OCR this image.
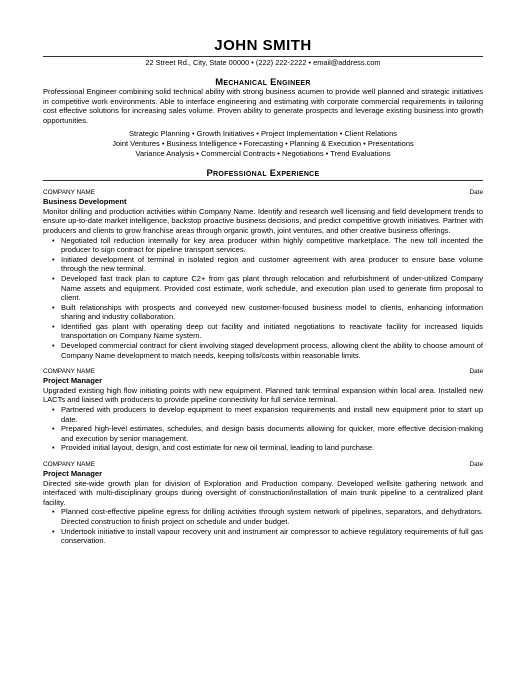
JOHN SMITH
22 Street Rd., City, State 00000 • (222) 222-2222 • email@address.com
Mechanical Engineer

Professional Engineer combining solid technical ability with strong business acumen to provide well planned and strategic initiatives in competitive work environments. Able to interface engineering and estimating with corporate commercial requirements in tailoring cost effective solutions for increasing sales volume. Proven ability to generate prospects and leverage existing business into growth opportunities.

Strategic Planning • Growth Initiatives • Project Implementation • Client Relations
Joint Ventures • Business Intelligence • Forecasting • Planning & Execution • Presentations
Variance Analysis • Commercial Contracts • Negotiations • Trend Evaluations
Professional Experience
COMPANY NAME	Date
Business Development

Monitor drilling and production activities within Company Name. Identify and research well licensing and field development trends to ensure up-to-date market intelligence, backstop proactive business decisions, and predict competitive growth initiatives. Partner with producers and clients to grow franchise areas through organic growth, joint ventures, and other creative business offerings.

• Negotiated toll reduction internally for key area producer within highly competitive marketplace. The new toll incented the producer to sign contract for pipeline transport services.
• Initiated development of terminal in isolated region and customer agreement with area producer to ensure base volume through the new terminal.
• Developed fast track plan to capture C2+ from gas plant through relocation and refurbishment of under-utilized Company Name assets and equipment. Provided cost estimate, work schedule, and execution plan used to generate firm proposal to client.
• Built relationships with prospects and conveyed new customer-focused business model to clients, enhancing information sharing and industry collaboration.
• Identified gas plant with operating deep cut facility and initiated negotiations to reactivate facility for increased liquids transportation on Company Name system.
• Developed commercial contract for client involving staged development process, allowing client the ability to choose amount of Company Name development to match needs, keeping tolls/costs within reasonable limits.
COMPANY NAME	Date
Project Manager

Upgraded existing high flow initiating points with new equipment. Planned tank terminal expansion within local area. Installed new LACTs and liaised with producers to provide pipeline connectivity for full service terminal.

• Partnered with producers to develop equipment to meet expansion requirements and install new equipment prior to start up date.
• Prepared high-level estimates, schedules, and design basis documents allowing for quicker, more effective decision-making and execution by senior management.
• Provided initial layout, design, and cost estimate for new oil terminal, leading to land purchase.
COMPANY NAME	Date
Project Manager

Directed site-wide growth plan for division of Exploration and Production company. Developed wellsite gathering network and interfaced with multi-disciplinary groups during oversight of construction/installation of main trunk pipeline to a centralized plant facility.

• Planned cost-effective pipeline egress for drilling activities through system network of pipelines, separators, and dehydrators. Directed construction to finish project on schedule and under budget.
• Undertook initiative to install vapour recovery unit and instrument air compressor to achieve regulatory requirements of full gas conservation.
